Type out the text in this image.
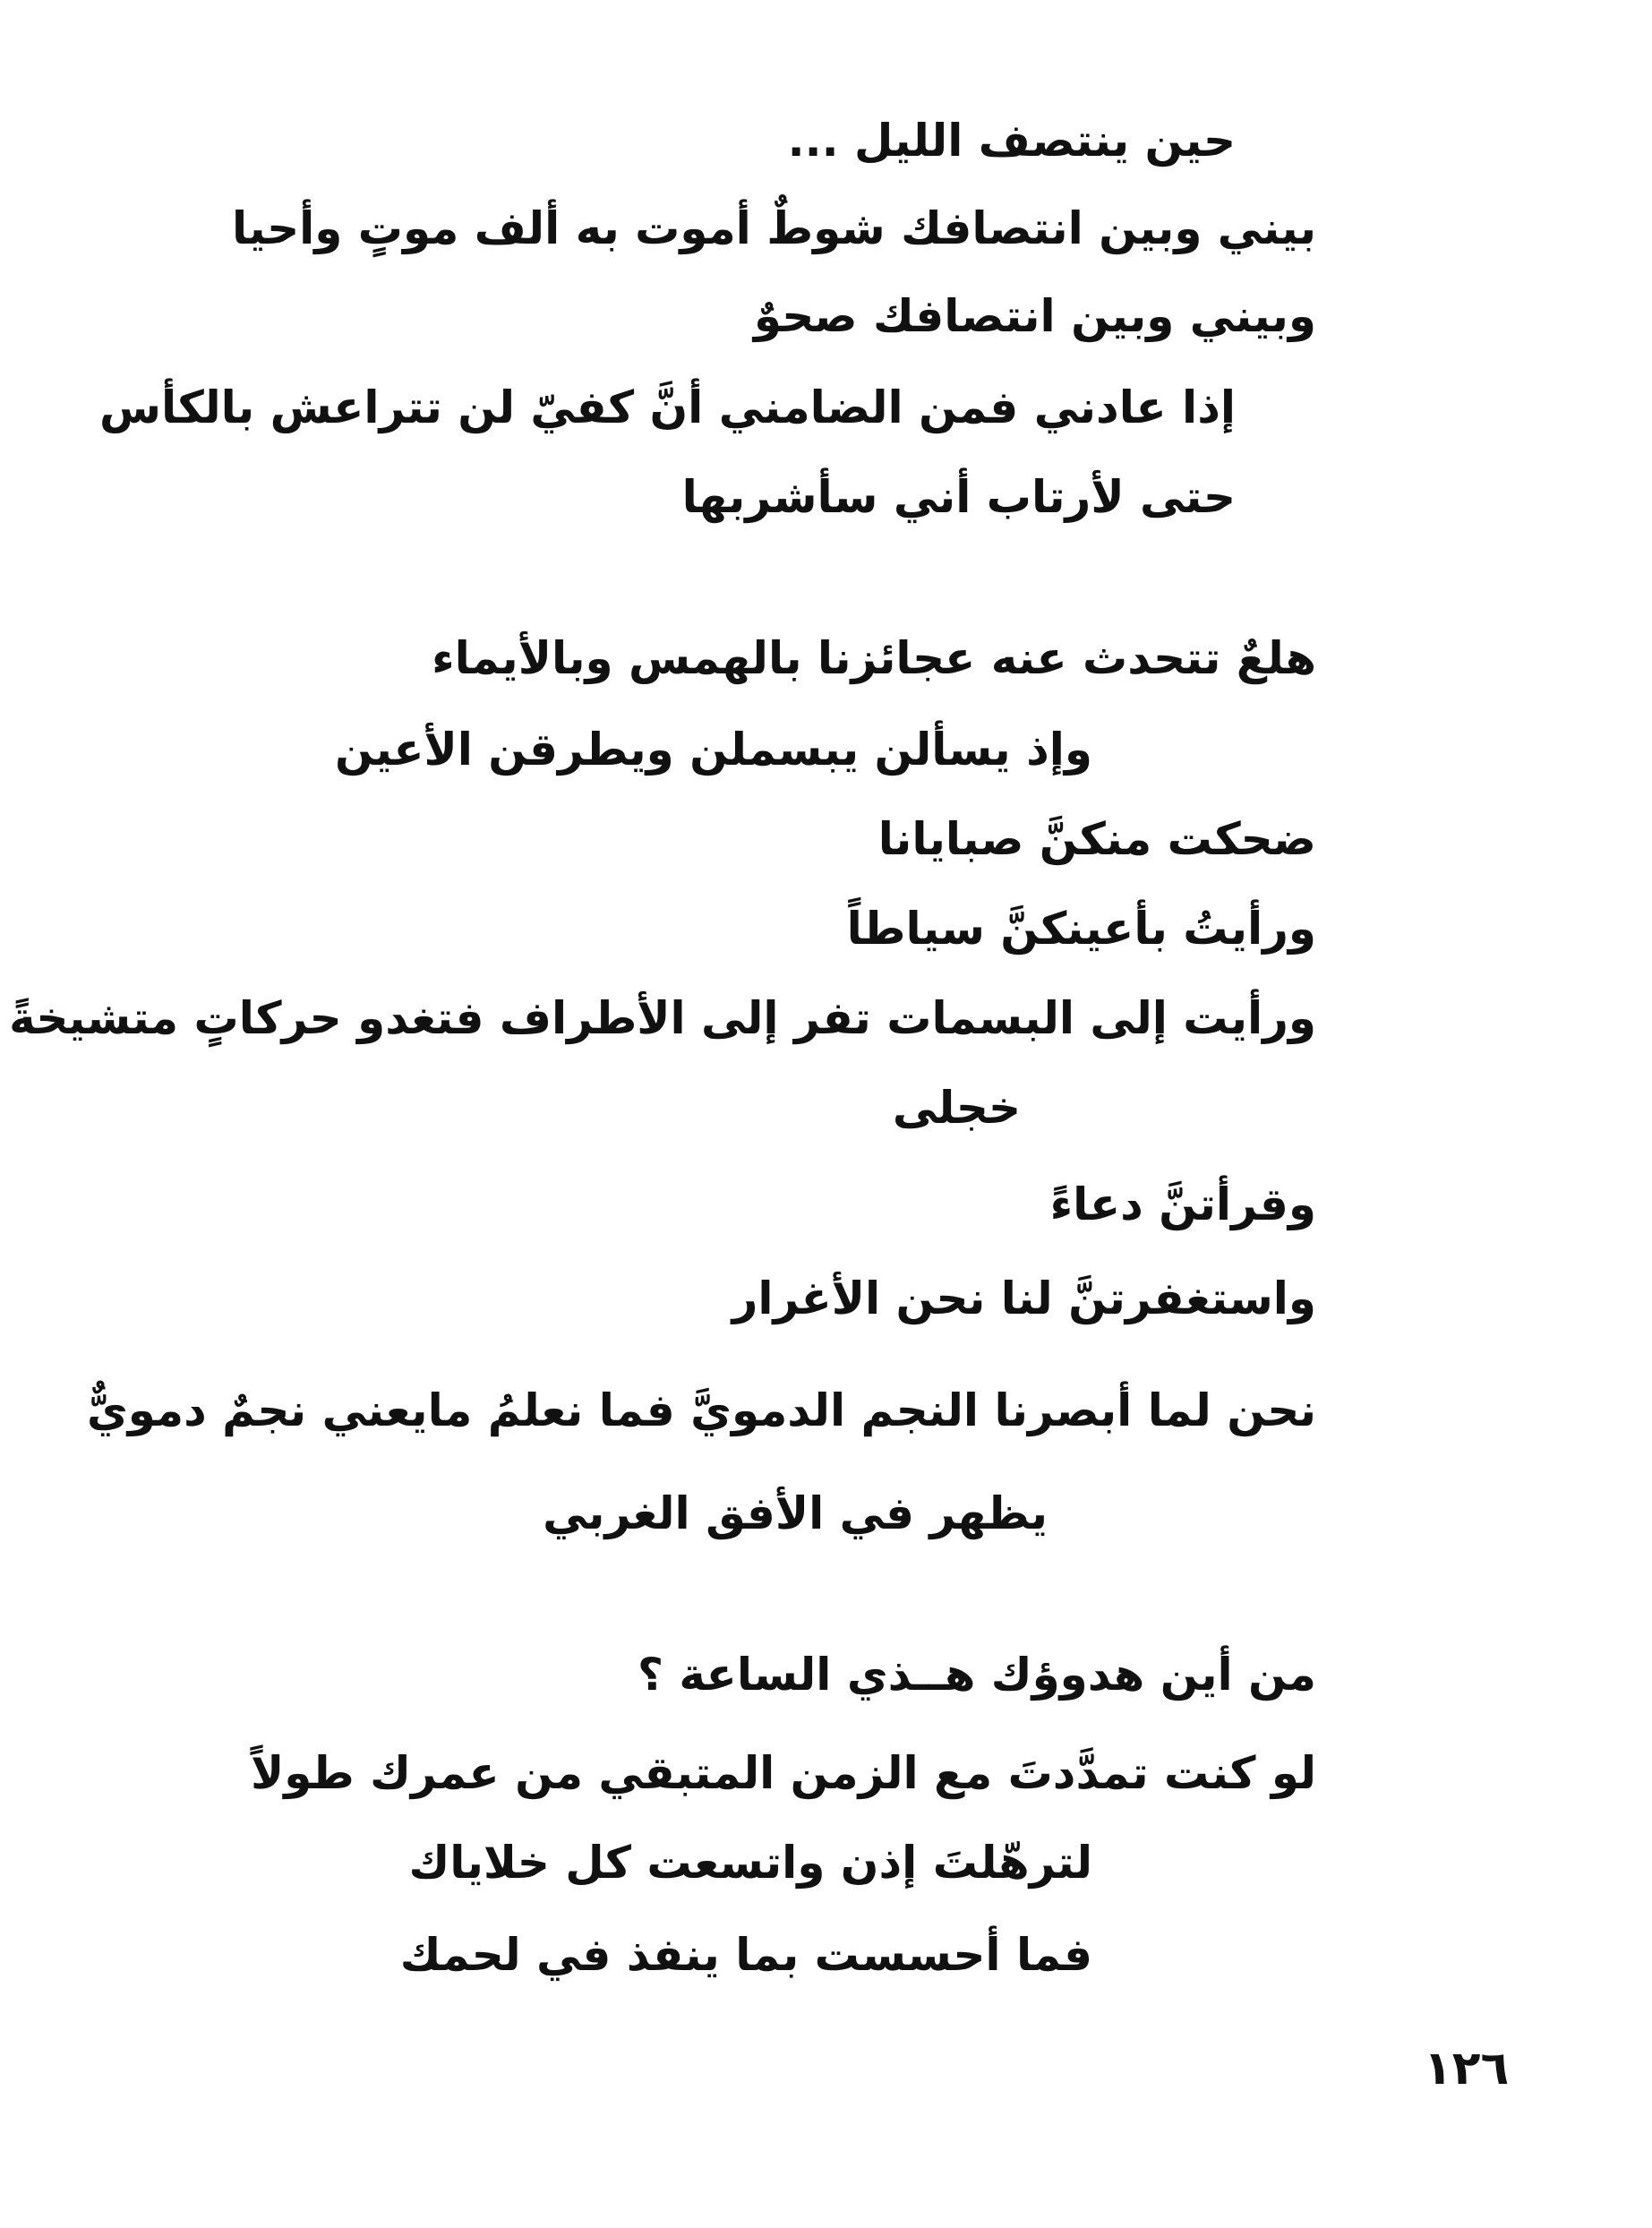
حين ينتصف الليل ...
بيني وبين انتصافك شوطٌ أموت به ألف موتٍ وأحيا
وبيني وبين انتصافك صحوٌ
إذا عادني فمن الضامني أنَّ كفيّ لن تتراعش بالكأس
حتى لأرتاب أني سأشربها
هلعٌ تتحدث عنه عجائزنا بالهمس وبالأيماء
وإذ يسألن يبسملن ويطرقن الأعين
ضحكت منكنَّ صبايانا
ورأيتُ بأعينكنَّ سياطاً
ورأيت إلى البسمات تفر إلى الأطراف فتغدو حركاتٍ متشيخةً
خجلى
وقرأتنَّ دعاءً
واستغفرتنَّ لنا نحن الأغرار
نحن لما أبصرنا النجم الدمويَّ فما نعلمُ مايعني نجمٌ دمويٌّ
يظهر في الأفق الغربي
من أين هدوؤك هــذي الساعة ؟
لو كنت تمدَّدتَ مع الزمن المتبقي من عمرك طولاً
لترهّلتَ إذن واتسعت كل خلاياك
فما أحسست بما ينفذ في لحمك
١٢٦
